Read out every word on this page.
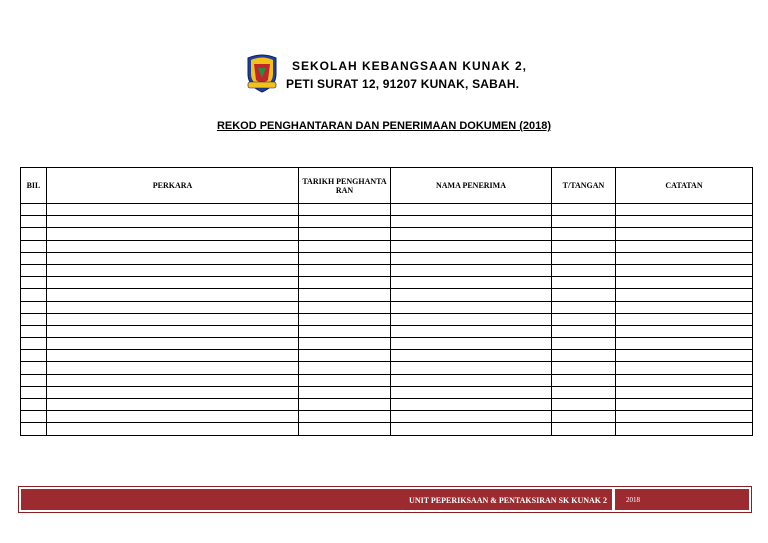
SEKOLAH KEBANGSAAN KUNAK 2,
PETI SURAT 12, 91207 KUNAK, SABAH.
REKOD PENGHANTARAN DAN PENERIMAAN DOKUMEN (2018)
BIL	PERKARA	TARIKH PENGHANTARAN	NAMA PENERIMA	T/TANGAN	CATATAN

UNIT PEPERIKSAAN & PENTAKSIRAN SK KUNAK 2	2018
